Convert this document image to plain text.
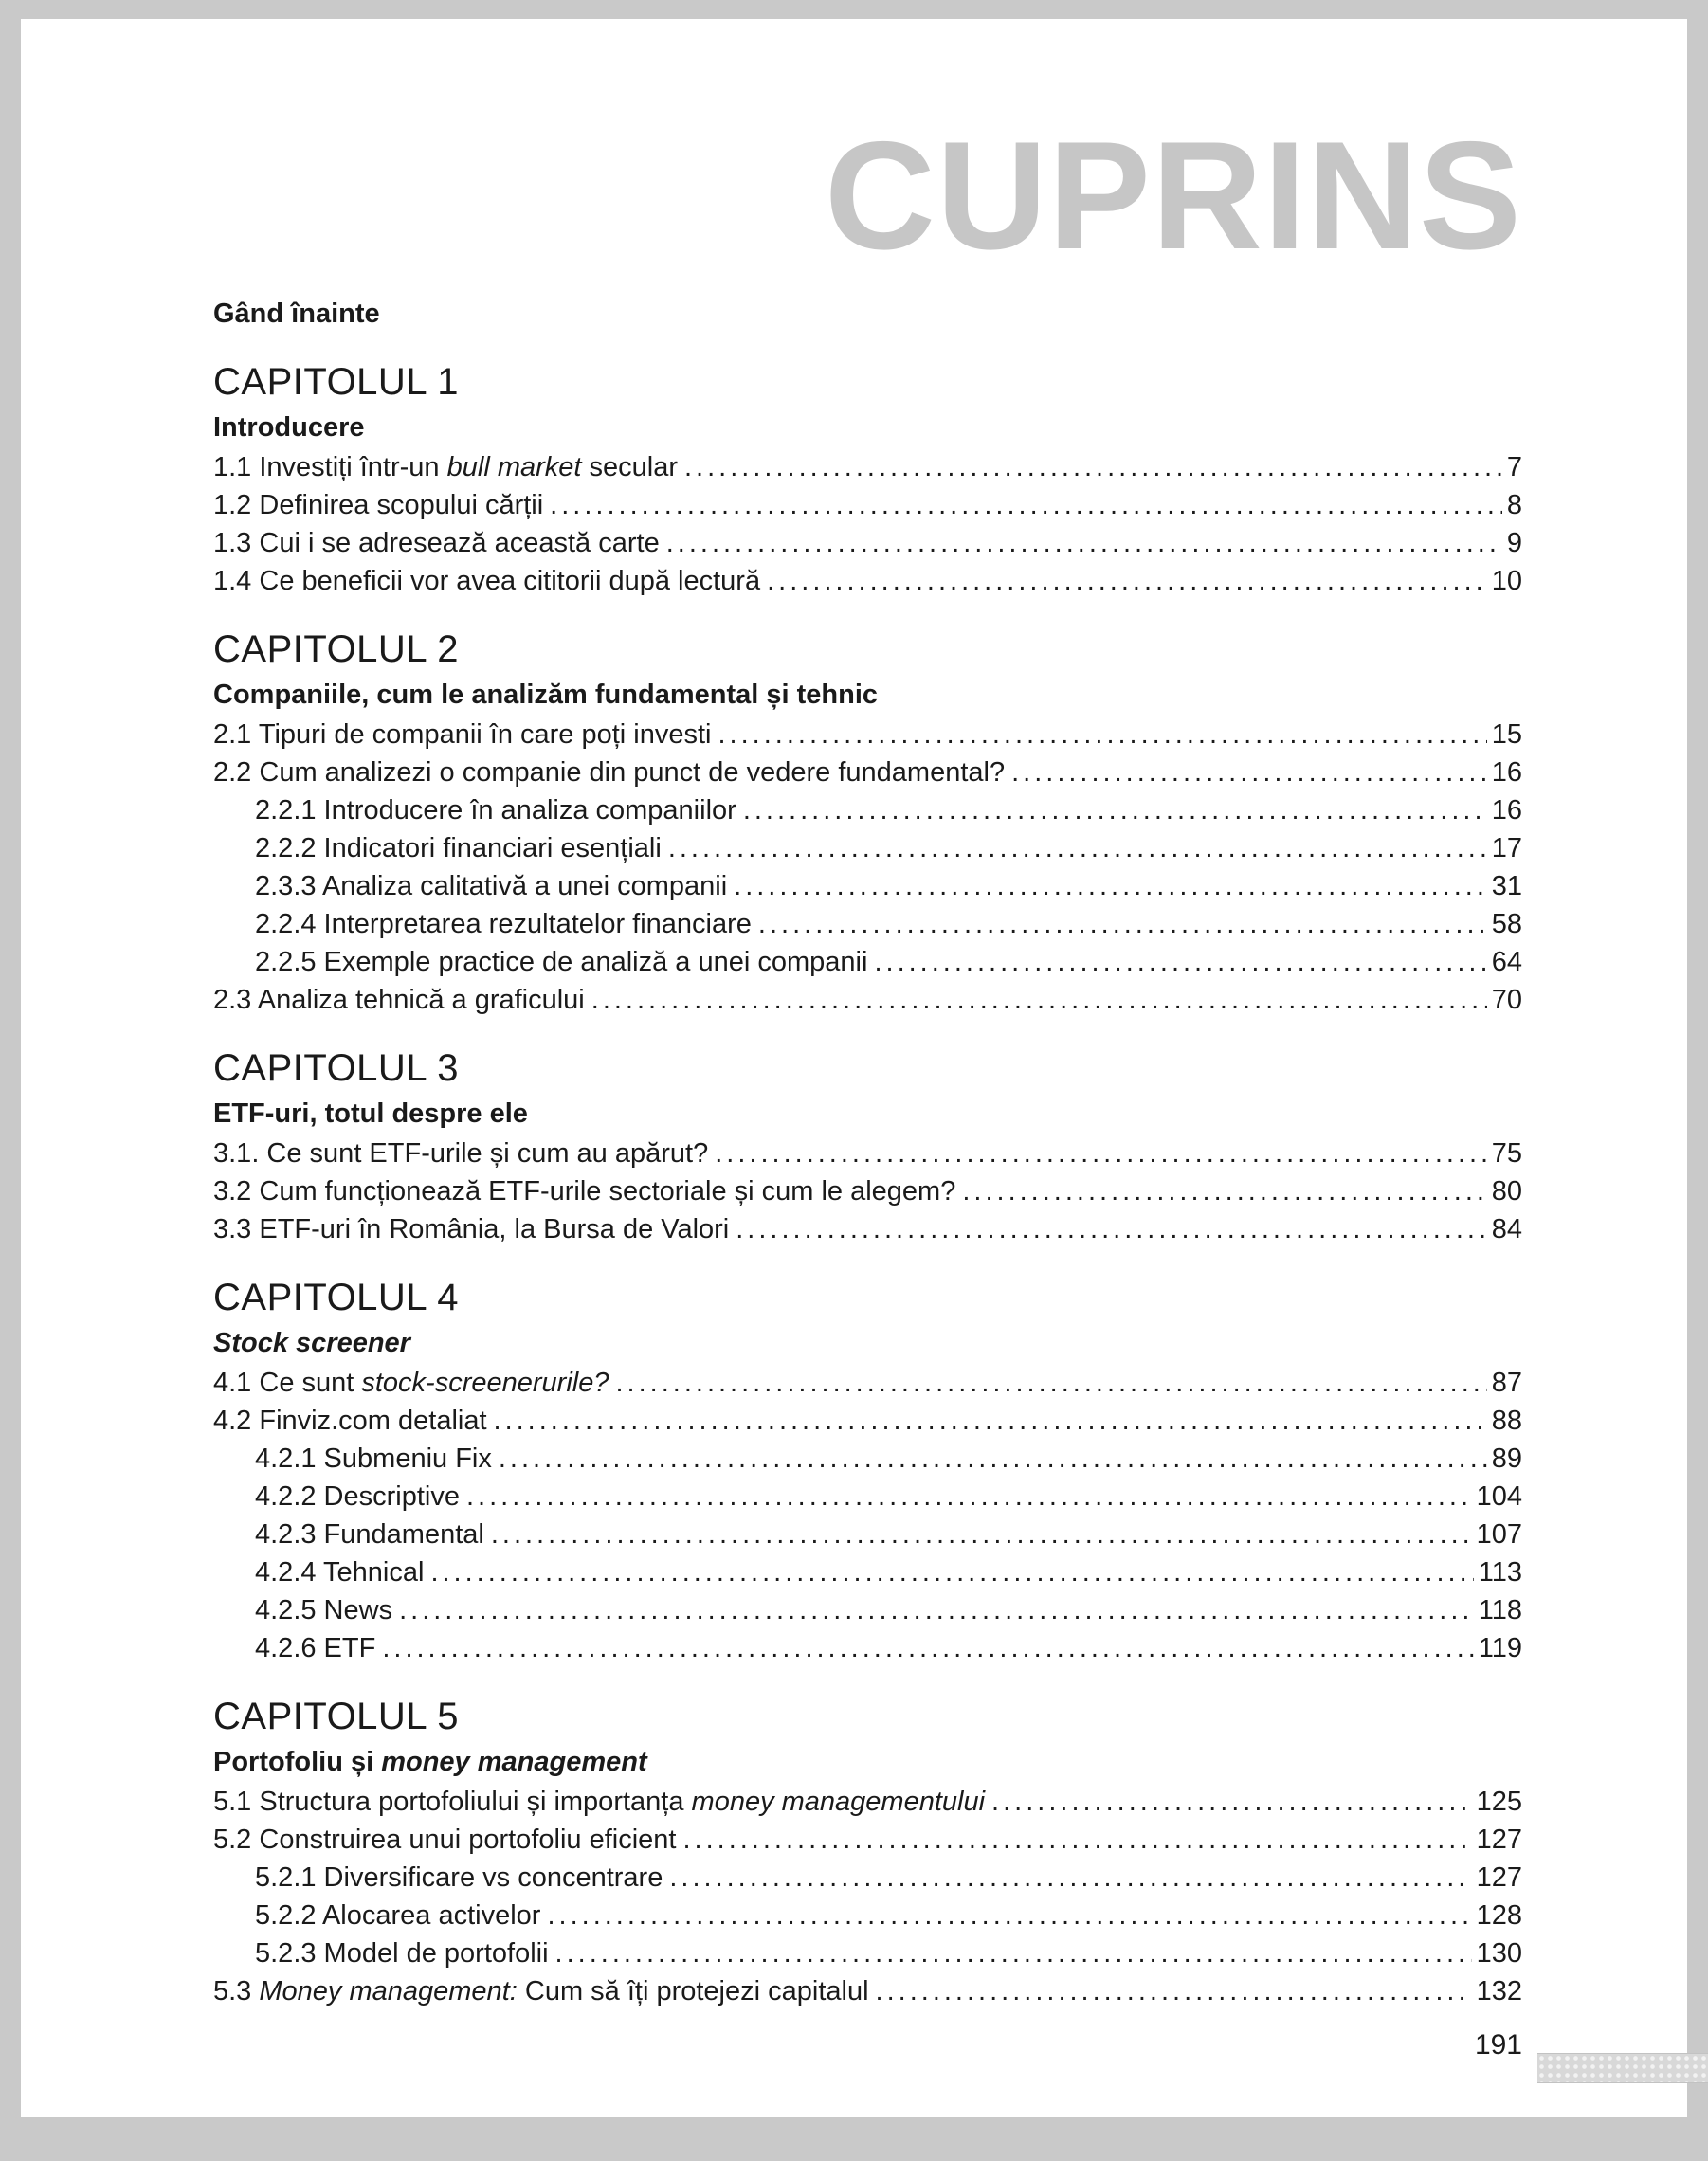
CUPRINS
Gând înainte
CAPITOLUL 1
Introducere
1.1 Investiți într-un bull market secular .....	7
1.2 Definirea scopului cărții .....	8
1.3 Cui i se adresează această carte .....	9
1.4 Ce beneficii vor avea cititorii după lectură .....	10
CAPITOLUL 2
Companiile, cum le analizăm fundamental și tehnic
2.1 Tipuri de companii în care poți investi .....	15
2.2 Cum analizezi o companie din punct de vedere fundamental? .....	16
2.2.1 Introducere în analiza companiilor .....	16
2.2.2 Indicatori financiari esențiali .....	17
2.3.3 Analiza calitativă a unei companii .....	31
2.2.4 Interpretarea rezultatelor financiare .....	58
2.2.5 Exemple practice de analiză a unei companii .....	64
2.3 Analiza tehnică a graficului .....	70
CAPITOLUL 3
ETF-uri, totul despre ele
3.1. Ce sunt ETF-urile și cum au apărut? .....	75
3.2 Cum funcționează ETF-urile sectoriale și cum le alegem? .....	80
3.3 ETF-uri în România, la Bursa de Valori .....	84
CAPITOLUL 4
Stock screener
4.1 Ce sunt stock-screenerurile? .....	87
4.2 Finviz.com detaliat .....	88
4.2.1 Submeniu Fix .....	89
4.2.2 Descriptive .....	104
4.2.3 Fundamental .....	107
4.2.4 Tehnical .....	113
4.2.5 News .....	118
4.2.6 ETF .....	119
CAPITOLUL 5
Portofoliu și money management
5.1 Structura portofoliului și importanța money managementului .....	125
5.2 Construirea unui portofoliu eficient .....	127
5.2.1 Diversificare vs concentrare .....	127
5.2.2 Alocarea activelor .....	128
5.2.3 Model de portofolii .....	130
5.3 Money management: Cum să îți protejezi capitalul .....	132
191
